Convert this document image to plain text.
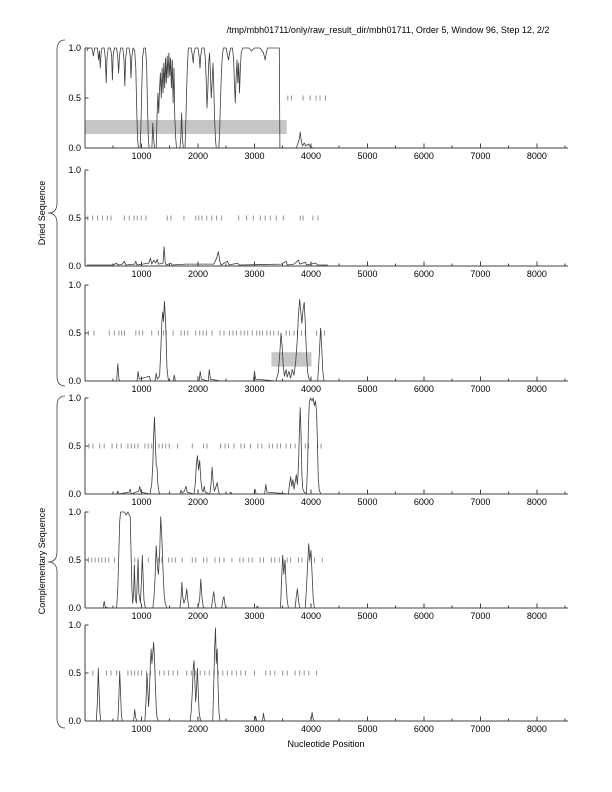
/tmp/mbh01711/only/raw_result_dir/mbh01711, Order 5, Window 96, Step 12, 2/2
1000	2000	3000	4000	5000	6000	7000	8000
0.0
0.5
1.0
1000	2000	3000	4000	5000	6000	7000	8000
0.0
0.5
1.0
1000	2000	3000	4000	5000	6000	7000	8000
0.0
0.5
1.0
1000	2000	3000	4000	5000	6000	7000	8000
0.0
0.5
1.0
1000	2000	3000	4000	5000	6000	7000	8000
0.0
0.5
1.0
1000	2000	3000	4000	5000	6000	7000	8000
0.0
0.5
1.0
Dried Sequence
Complementary Sequence
Nucleotide Position
